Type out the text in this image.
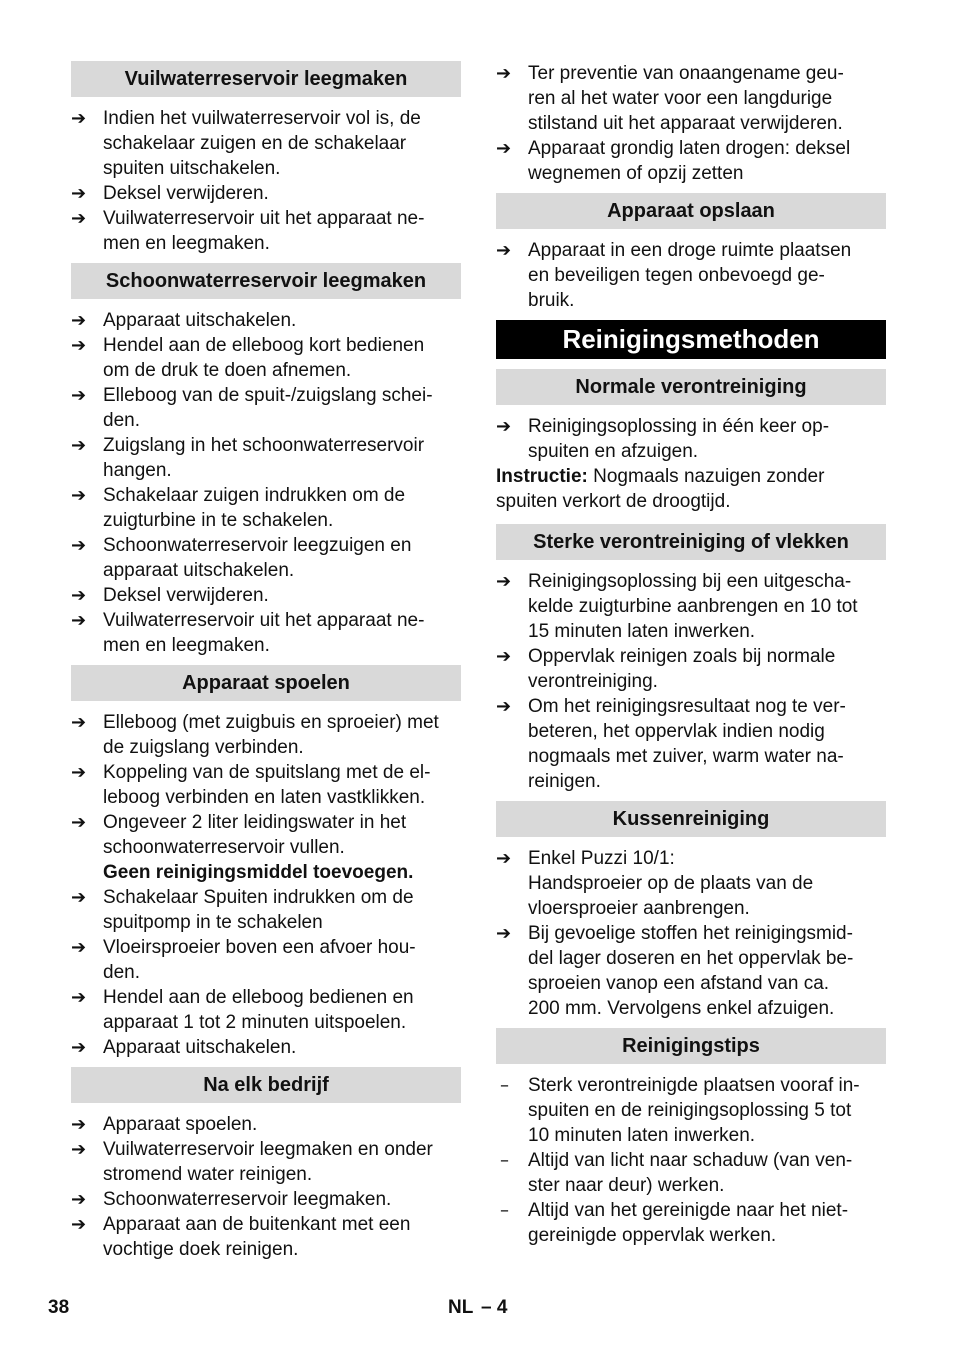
Vuilwaterreservoir leegmaken
➔ Indien het vuilwaterreservoir vol is, de
schakelaar zuigen en de schakelaar
spuiten uitschakelen.
➔ Deksel verwijderen.
➔ Vuilwaterreservoir uit het apparaat ne-
men en leegmaken.
Schoonwaterreservoir leegmaken
➔ Apparaat uitschakelen.
➔ Hendel aan de elleboog kort bedienen
om de druk te doen afnemen.
➔ Elleboog van de spuit-/zuigslang schei-
den.
➔ Zuigslang in het schoonwaterreservoir
hangen.
➔ Schakelaar zuigen indrukken om de
zuigturbine in te schakelen.
➔ Schoonwaterreservoir leegzuigen en
apparaat uitschakelen.
➔ Deksel verwijderen.
➔ Vuilwaterreservoir uit het apparaat ne-
men en leegmaken.
Apparaat spoelen
➔ Elleboog (met zuigbuis en sproeier) met
de zuigslang verbinden.
➔ Koppeling van de spuitslang met de el-
leboog verbinden en laten vastklikken.
➔ Ongeveer 2 liter leidingswater in het
schoonwaterreservoir vullen.
Geen reinigingsmiddel toevoegen.
➔ Schakelaar Spuiten indrukken om de
spuitpomp in te schakelen
➔ Vloeirsproeier boven een afvoer hou-
den.
➔ Hendel aan de elleboog bedienen en
apparaat 1 tot 2 minuten uitspoelen.
➔ Apparaat uitschakelen.
Na elk bedrijf
➔ Apparaat spoelen.
➔ Vuilwaterreservoir leegmaken en onder
stromend water reinigen.
➔ Schoonwaterreservoir leegmaken.
➔ Apparaat aan de buitenkant met een
vochtige doek reinigen.
➔ Ter preventie van onaangename geu-
ren al het water voor een langdurige
stilstand uit het apparaat verwijderen.
➔ Apparaat grondig laten drogen: deksel
wegnemen of opzij zetten
Apparaat opslaan
➔ Apparaat in een droge ruimte plaatsen
en beveiligen tegen onbevoegd ge-
bruik.
Reinigingsmethoden
Normale verontreiniging
➔ Reinigingsoplossing in één keer op-
spuiten en afzuigen.

Instructie: Nogmaals nazuigen zonder
spuiten verkort de droogtijd.

Sterke verontreiniging of vlekken
➔ Reinigingsoplossing bij een uitgescha-
kelde zuigturbine aanbrengen en 10 tot
15 minuten laten inwerken.
➔ Oppervlak reinigen zoals bij normale
verontreiniging.
➔ Om het reinigingsresultaat nog te ver-
beteren, het oppervlak indien nodig
nogmaals met zuiver, warm water na-
reinigen.
Kussenreiniging
➔ Enkel Puzzi 10/1:
Handsproeier op de plaats van de
vloersproeier aanbrengen.
➔ Bij gevoelige stoffen het reinigingsmid-
del lager doseren en het oppervlak be-
sproeien vanop een afstand van ca.
200 mm. Vervolgens enkel afzuigen.
Reinigingstips
–	Sterk verontreinigde plaatsen vooraf in-
spuiten en de reinigingsoplossing 5 tot
10 minuten laten inwerken.
–	Altijd van licht naar schaduw (van ven-
ster naar deur) werken.
–	Altijd van het gereinigde naar het niet-
gereinigde oppervlak werken.
38	NL – 4
